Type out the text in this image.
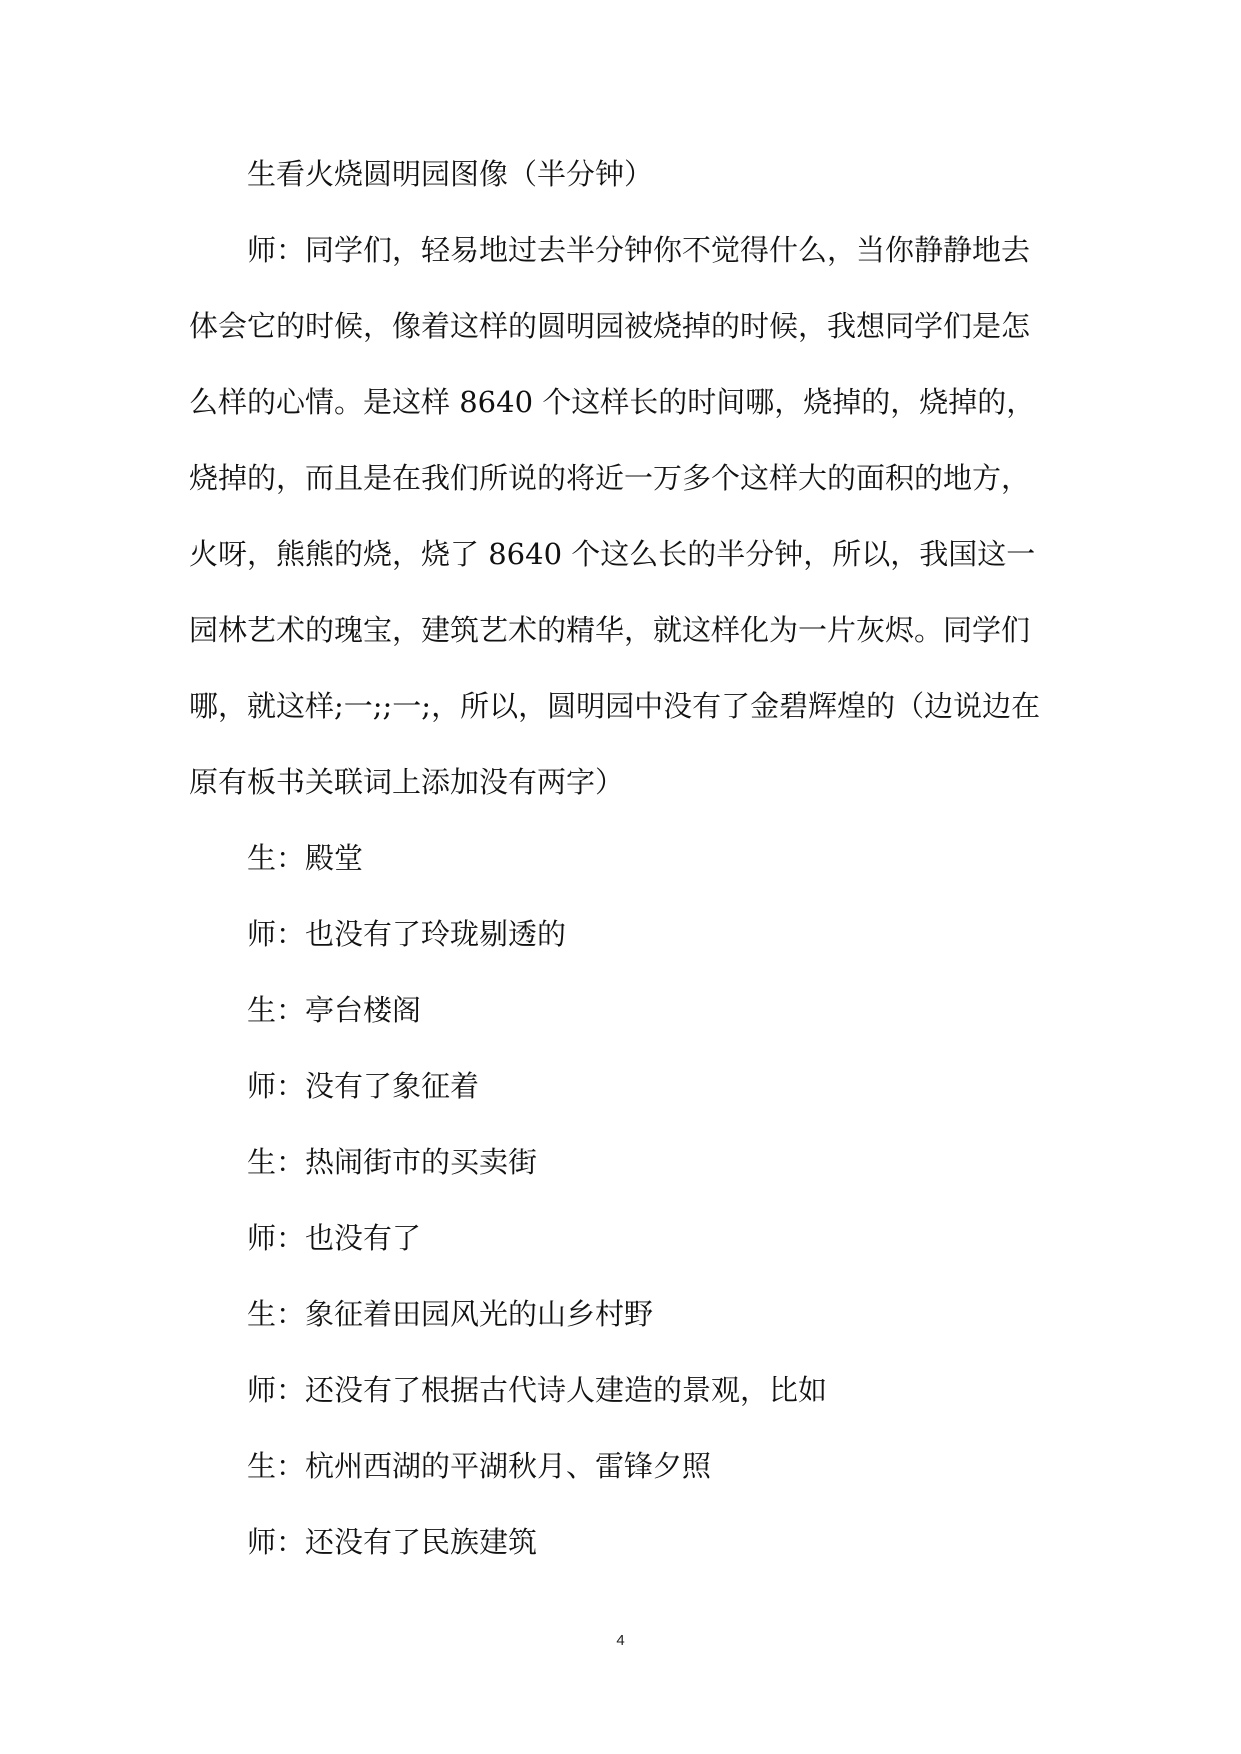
生看火烧圆明园图像（半分钟）

师：同学们，轻易地过去半分钟你不觉得什么，当你静静地去体会它的时候，像着这样的圆明园被烧掉的时候，我想同学们是怎么样的心情。是这样 8640 个这样长的时间哪，烧掉的，烧掉的，烧掉的，而且是在我们所说的将近一万多个这样大的面积的地方，火呀，熊熊的烧，烧了 8640 个这么长的半分钟，所以，我国这一园林艺术的瑰宝，建筑艺术的精华，就这样化为一片灰烬。同学们哪，就这样;一;;一;，所以，圆明园中没有了金碧辉煌的（边说边在原有板书关联词上添加没有两字）

生：殿堂

师：也没有了玲珑剔透的

生：亭台楼阁

师：没有了象征着

生：热闹街市的买卖街

师：也没有了

生：象征着田园风光的山乡村野

师：还没有了根据古代诗人建造的景观，比如

生：杭州西湖的平湖秋月、雷锋夕照

师：还没有了民族建筑

4
